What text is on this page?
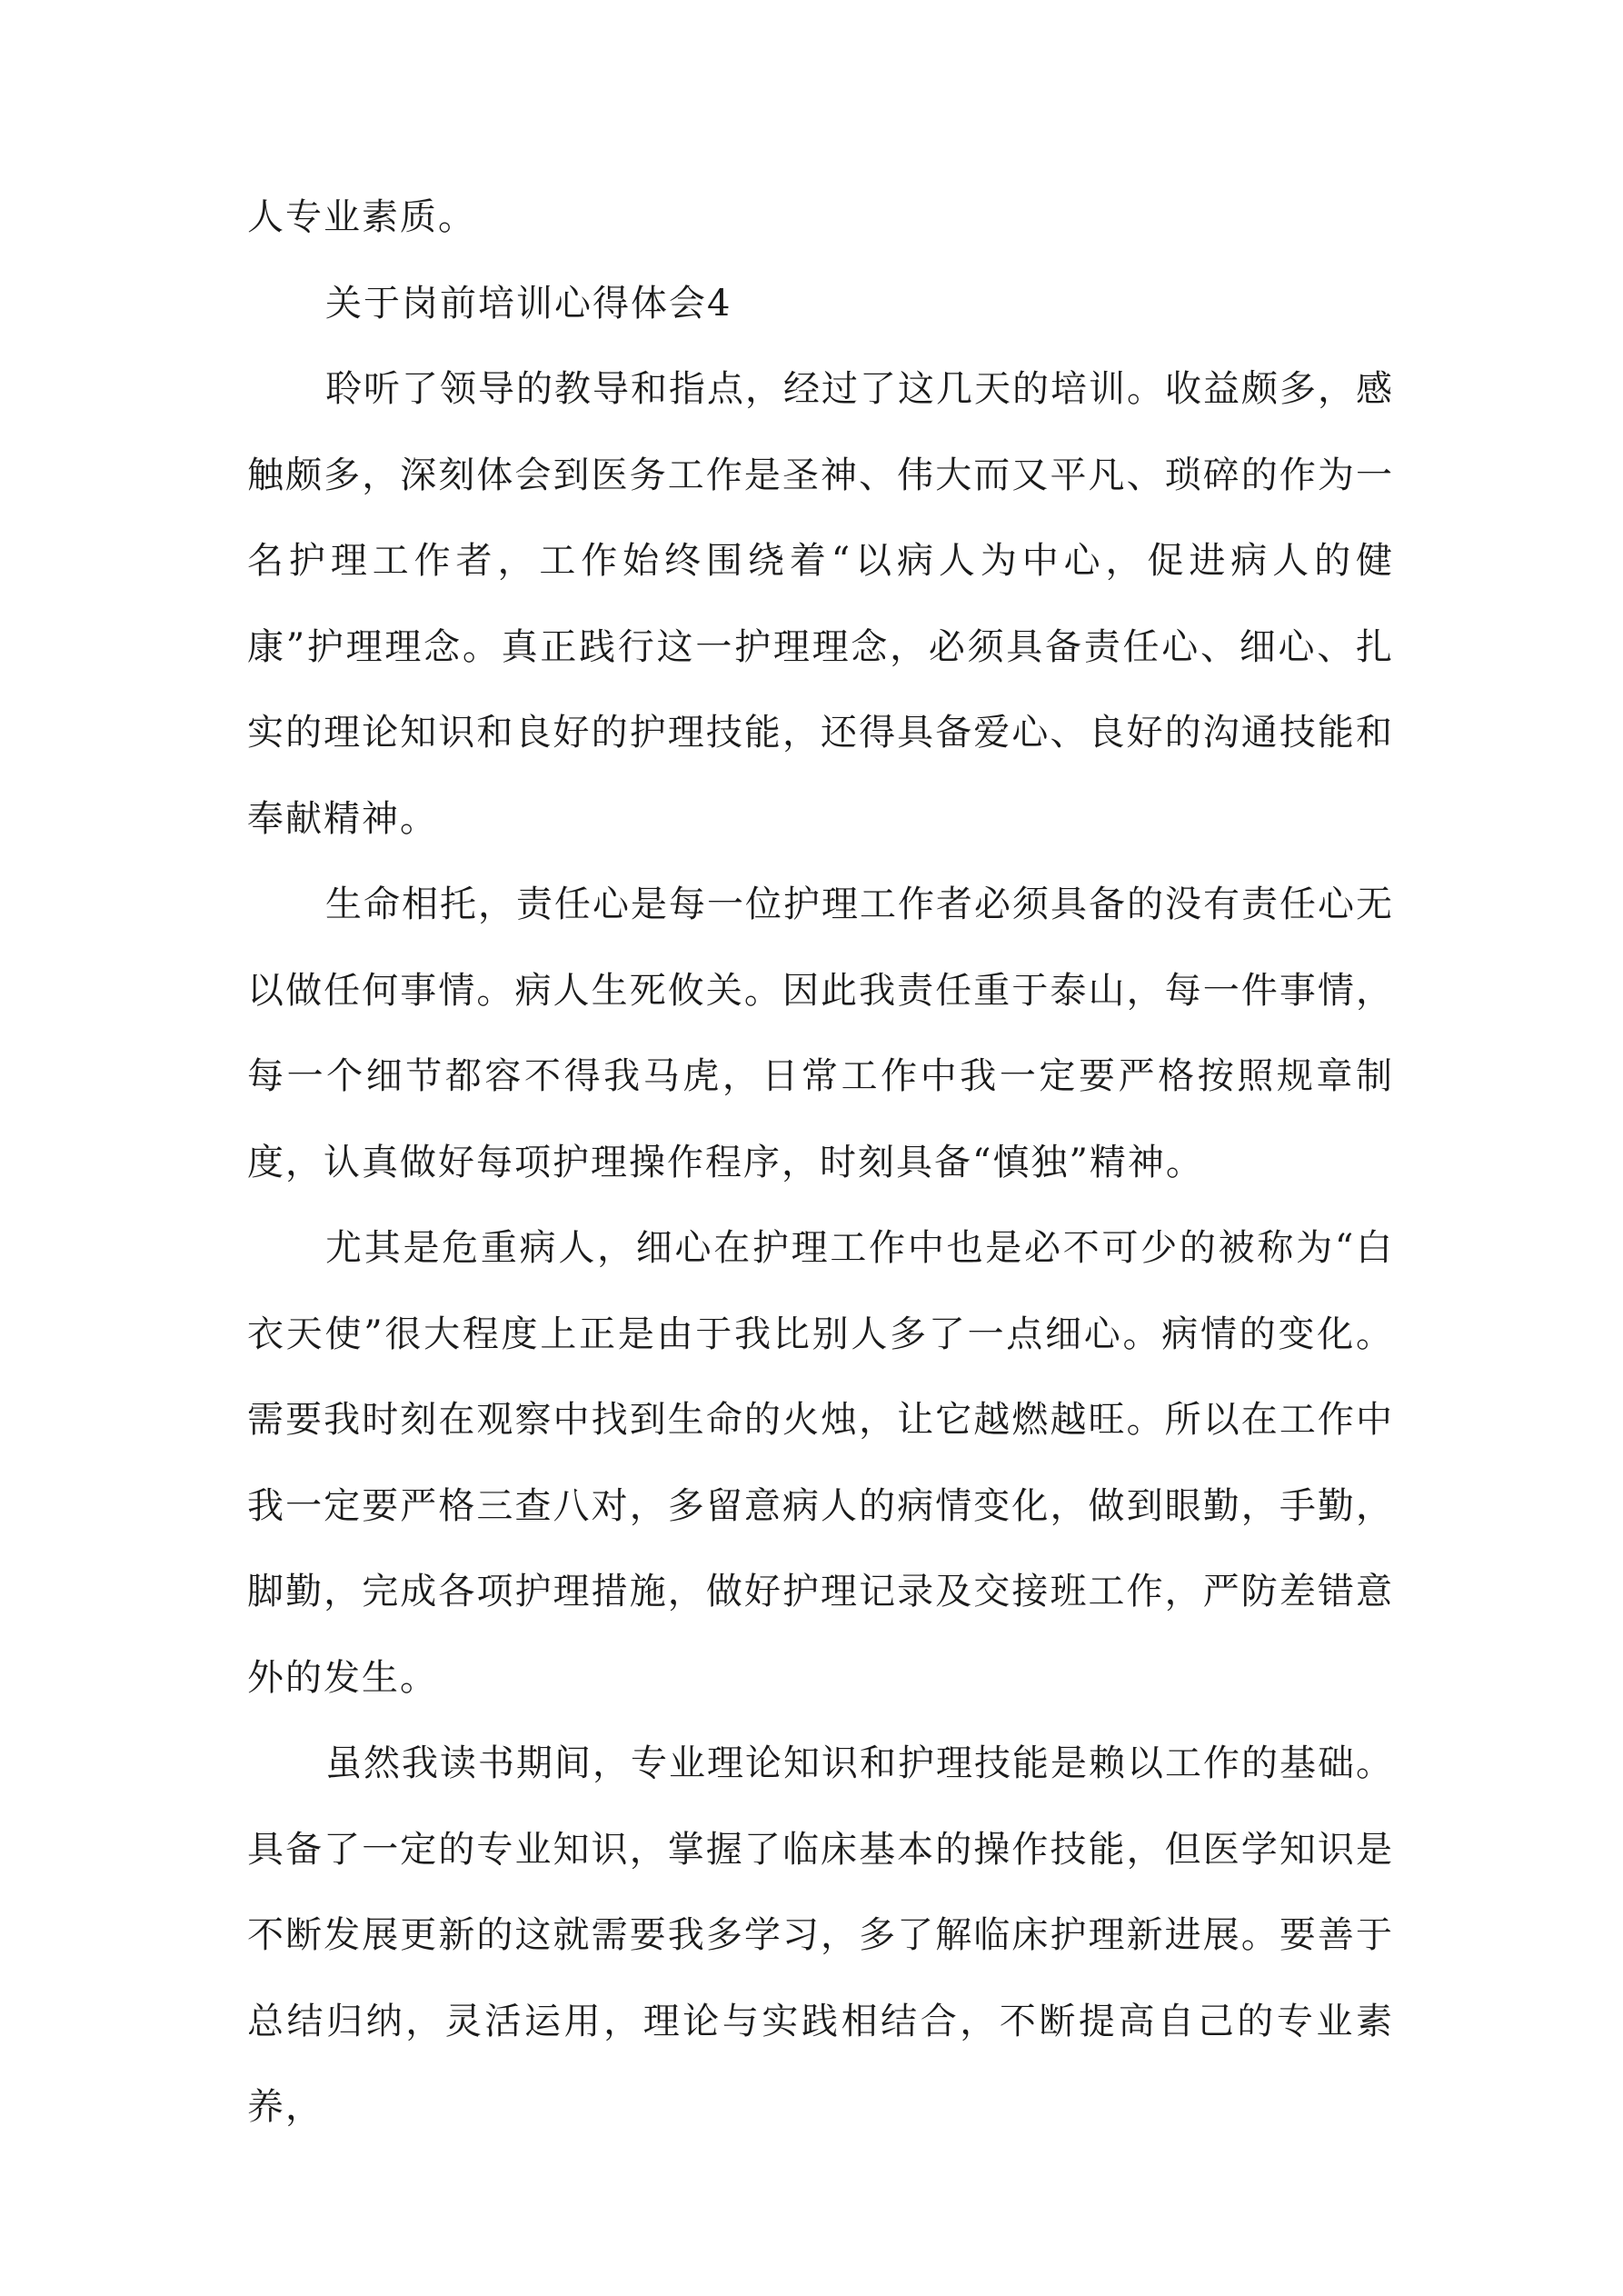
人专业素质。

关于岗前培训心得体会4

聆听了领导的教导和指点，经过了这几天的培训。收益颇多，感触颇多，深刻体会到医务工作是圣神、伟大而又平凡、琐碎的作为一名护理工作者，工作始终围绕着“以病人为中心，促进病人的健康”护理理念。真正践行这一护理理念，必须具备责任心、细心、扎实的理论知识和良好的护理技能，还得具备爱心、良好的沟通技能和奉献精神。

生命相托，责任心是每一位护理工作者必须具备的没有责任心无以做任何事情。病人生死攸关。因此我责任重于泰山，每一件事情，每一个细节都容不得我马虎，日常工作中我一定要严格按照规章制度，认真做好每项护理操作程序，时刻具备“慎独”精神。

尤其是危重病人，细心在护理工作中也是必不可少的被称为“白衣天使”很大程度上正是由于我比别人多了一点细心。病情的变化。需要我时刻在观察中找到生命的火烛，让它越燃越旺。所以在工作中我一定要严格三查八对，多留意病人的病情变化，做到眼勤，手勤，脚勤，完成各项护理措施，做好护理记录及交接班工作，严防差错意外的发生。

虽然我读书期间，专业理论知识和护理技能是赖以工作的基础。具备了一定的专业知识，掌握了临床基本的操作技能，但医学知识是不断发展更新的这就需要我多学习，多了解临床护理新进展。要善于总结归纳，灵活运用，理论与实践相结合，不断提高自己的专业素养，
